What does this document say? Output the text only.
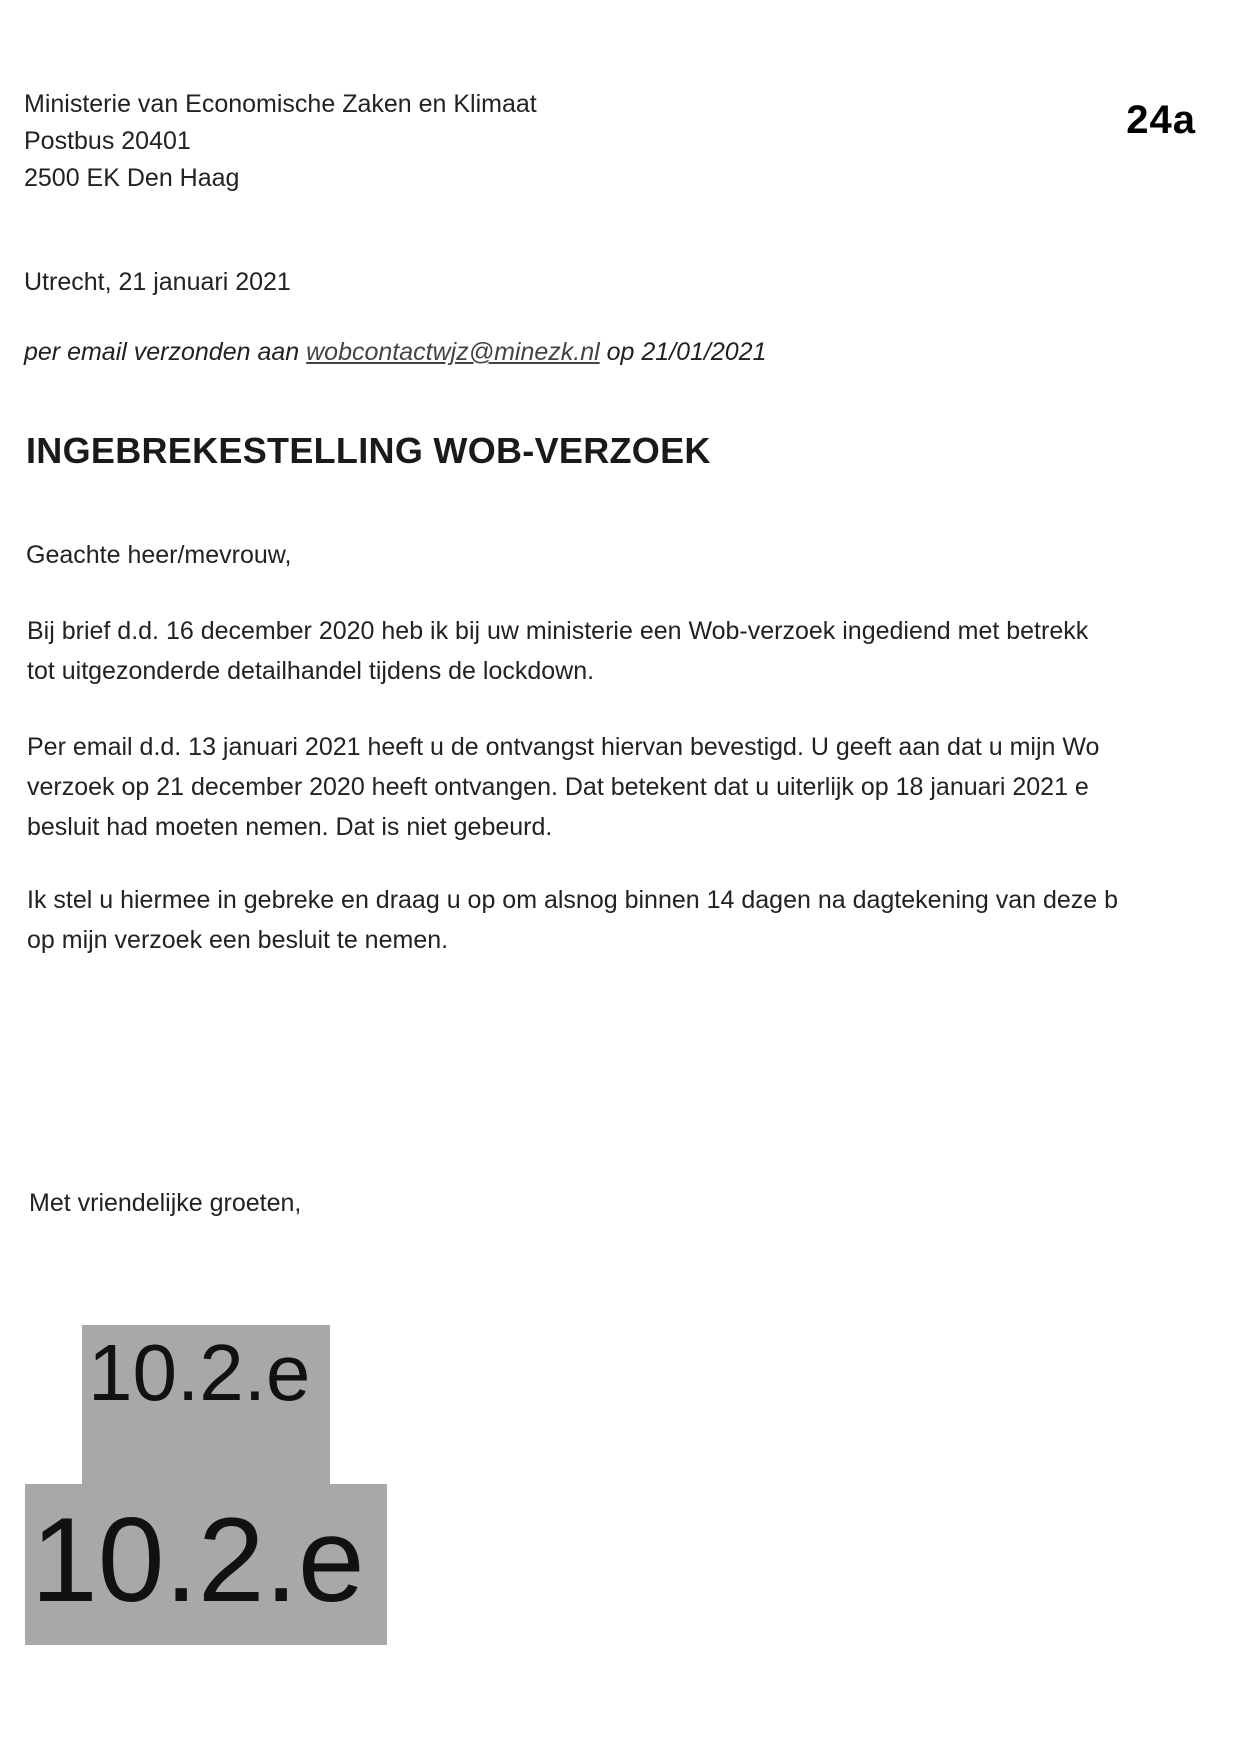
Ministerie van Economische Zaken en Klimaat
Postbus 20401
2500 EK Den Haag
24a
Utrecht, 21 januari 2021
per email verzonden aan wobcontactwjz@minezk.nl op 21/01/2021
INGEBREKESTELLING WOB-VERZOEK
Geachte heer/mevrouw,
Bij brief d.d. 16 december 2020 heb ik bij uw ministerie een Wob-verzoek ingediend met betrekk
tot uitgezonderde detailhandel tijdens de lockdown.
Per email d.d. 13 januari 2021 heeft u de ontvangst hiervan bevestigd. U geeft aan dat u mijn Wo
verzoek op 21 december 2020 heeft ontvangen. Dat betekent dat u uiterlijk op 18 januari 2021 e
besluit had moeten nemen. Dat is niet gebeurd.
Ik stel u hiermee in gebreke en draag u op om alsnog binnen 14 dagen na dagtekening van deze b
op mijn verzoek een besluit te nemen.
Met vriendelijke groeten,
10.2.e
10.2.e
